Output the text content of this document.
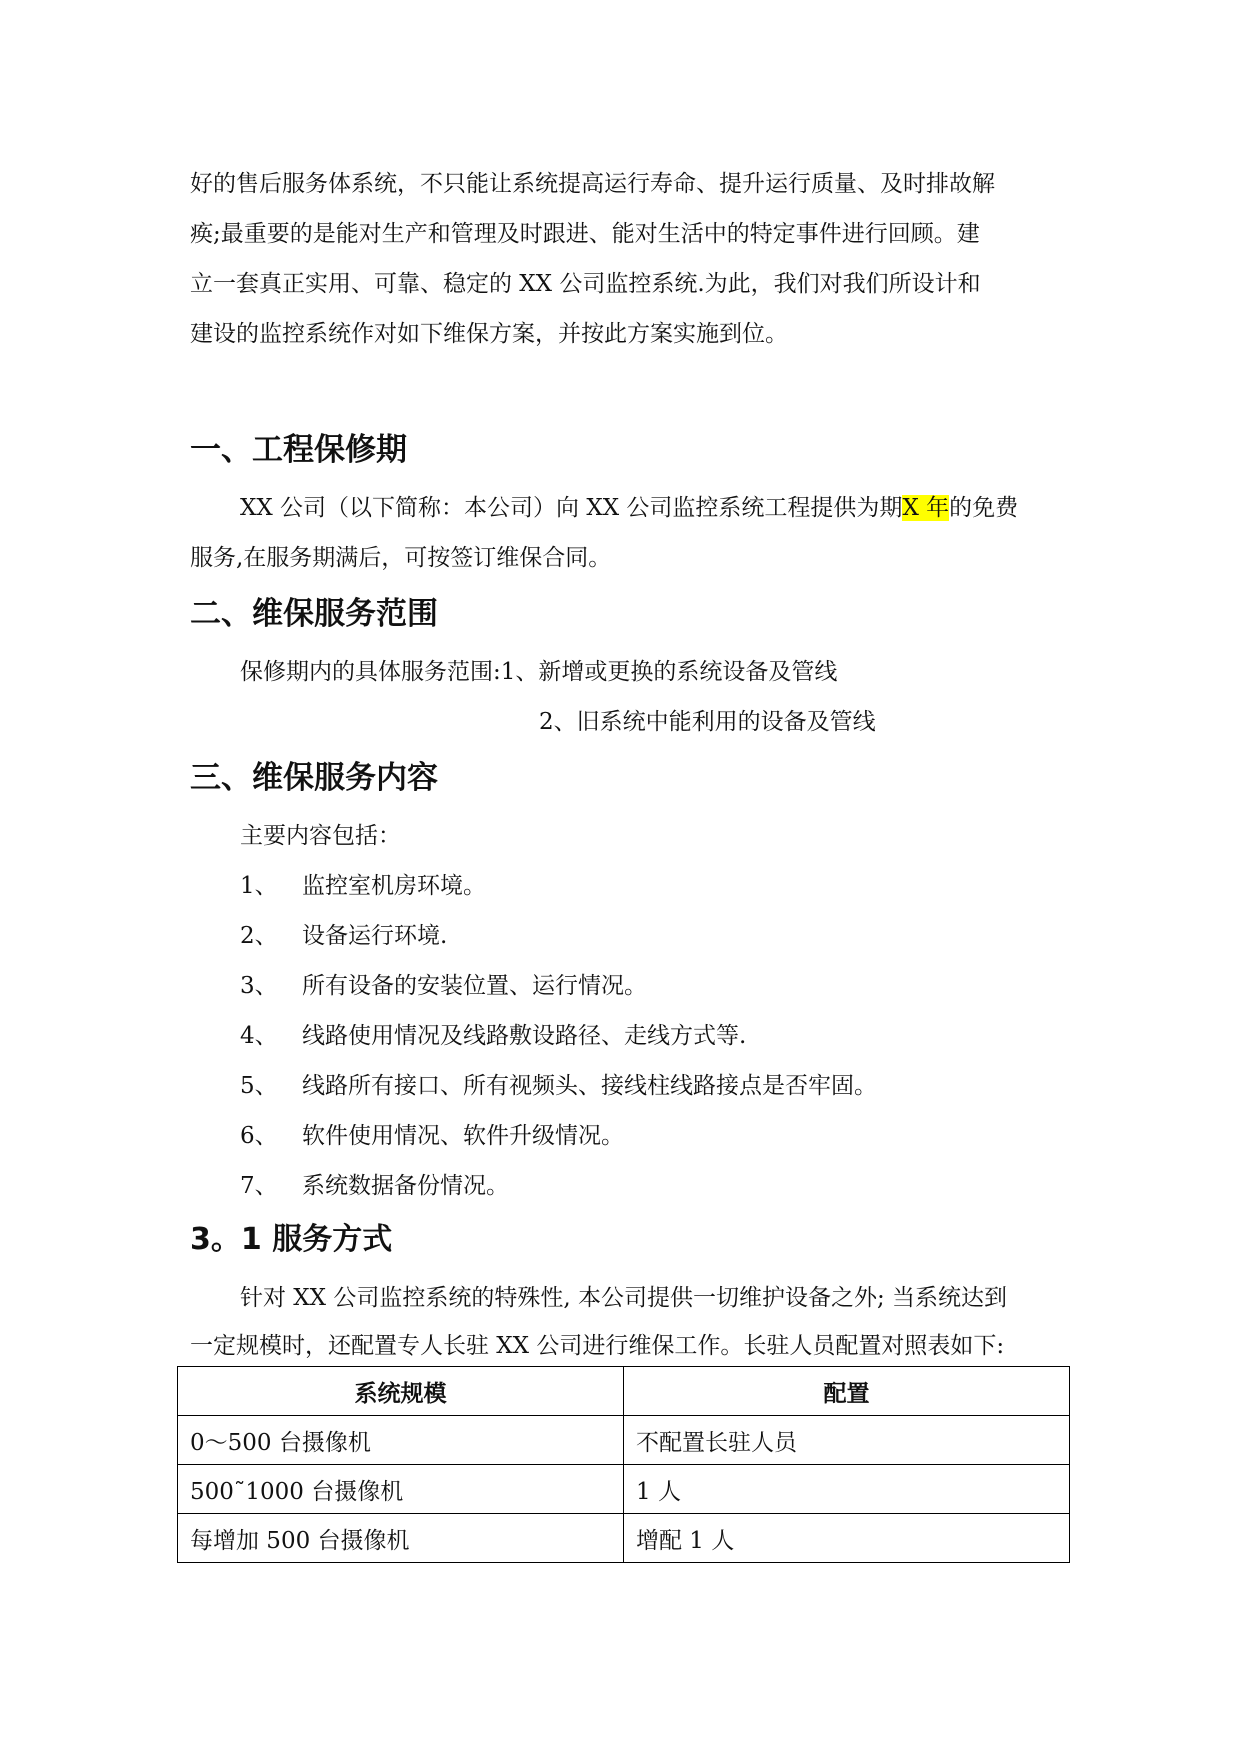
好的售后服务体系统，不只能让系统提高运行寿命、提升运行质量、及时排故解

痪;最重要的是能对生产和管理及时跟进、能对生活中的特定事件进行回顾。建

立一套真正实用、可靠、稳定的 XX 公司监控系统.为此，我们对我们所设计和

建设的监控系统作对如下维保方案，并按此方案实施到位。

一、工程保修期

XX 公司（以下简称：本公司）向 XX 公司监控系统工程提供为期X 年的免费

服务,在服务期满后，可按签订维保合同。

二、维保服务范围

保修期内的具体服务范围:1、新增或更换的系统设备及管线

2、旧系统中能利用的设备及管线

三、维保服务内容

主要内容包括：

1、 监控室机房环境。

2、 设备运行环境.

3、 所有设备的安装位置、运行情况。

4、 线路使用情况及线路敷设路径、走线方式等.

5、 线路所有接口、所有视频头、接线柱线路接点是否牢固。

6、 软件使用情况、软件升级情况。

7、 系统数据备份情况。

3。1 服务方式

针对 XX 公司监控系统的特殊性, 本公司提供一切维护设备之外; 当系统达到

一定规模时，还配置专人长驻 XX 公司进行维保工作。长驻人员配置对照表如下:

系统规模	配置
0～500 台摄像机	不配置长驻人员
500˜1000 台摄像机	1 人
每增加 500 台摄像机	增配 1 人
